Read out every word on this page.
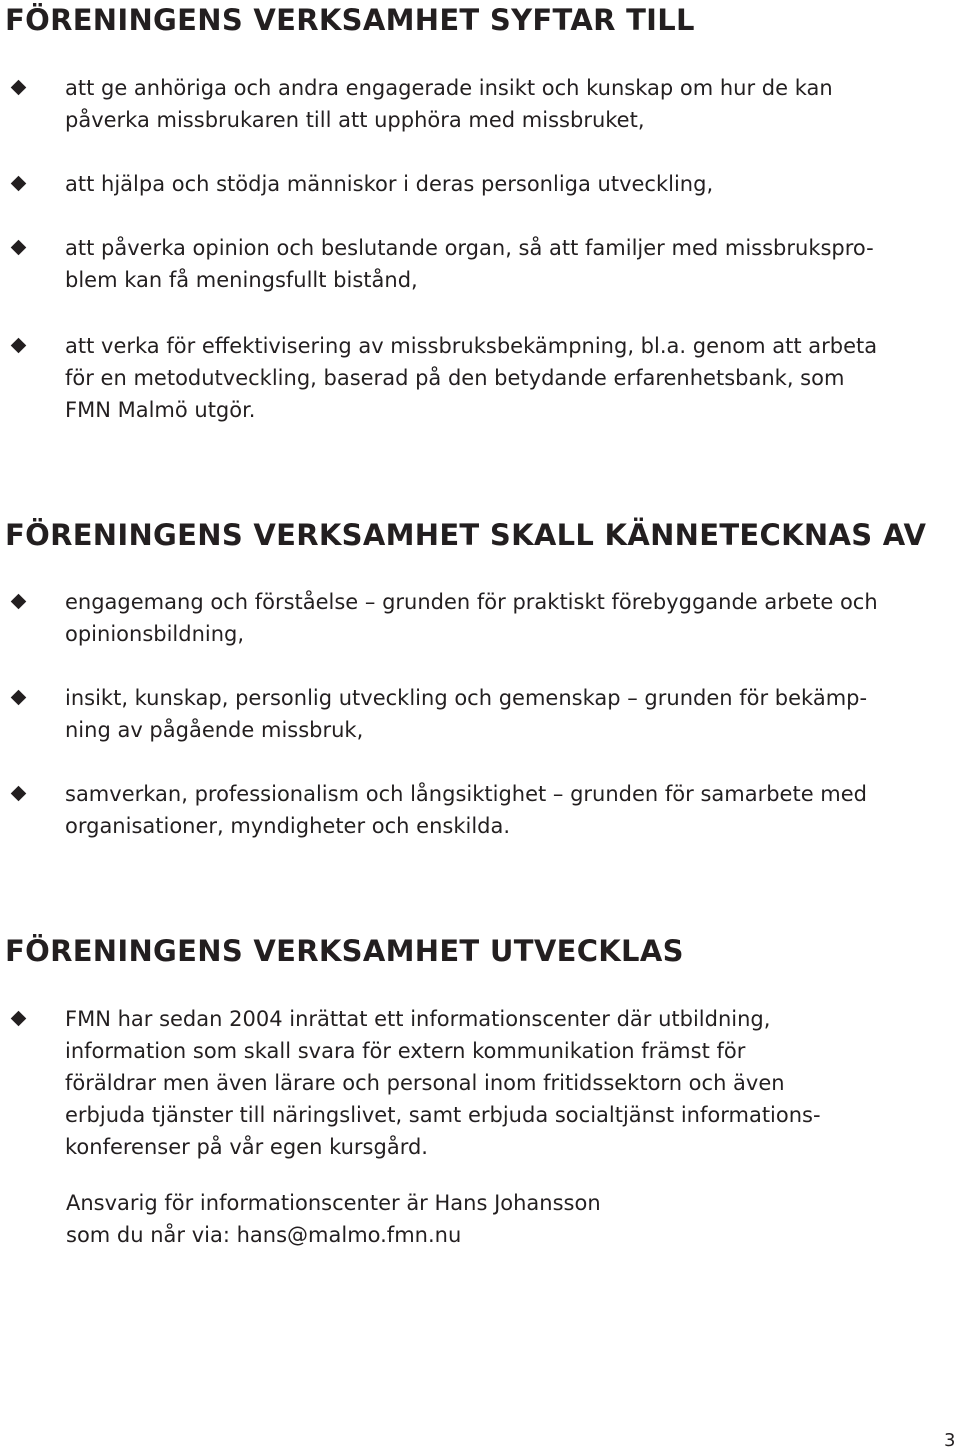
FÖRENINGENS VERKSAMHET SYFTAR TILL
att ge anhöriga och andra engagerade insikt och kunskap om hur de kan
påverka missbrukaren till att upphöra med missbruket,
att hjälpa och stödja människor i deras personliga utveckling,
att påverka opinion och beslutande organ, så att familjer med missbrukspro-
blem kan få meningsfullt bistånd,
att verka för effektivisering av missbruksbekämpning, bl.a. genom att arbeta
för en metodutveckling, baserad på den betydande erfarenhetsbank, som
FMN Malmö utgör.
FÖRENINGENS VERKSAMHET SKALL KÄNNETECKNAS AV
engagemang och förståelse – grunden för praktiskt förebyggande arbete och
opinionsbildning,
insikt, kunskap, personlig utveckling och gemenskap – grunden för bekämp-
ning av pågående missbruk,
samverkan, professionalism och långsiktighet – grunden för samarbete med
organisationer, myndigheter och enskilda.
FÖRENINGENS VERKSAMHET UTVECKLAS
FMN har sedan 2004 inrättat ett informationscenter där utbildning,
information som skall svara för extern kommunikation främst för
föräldrar men även lärare och personal inom fritidssektorn och även
erbjuda tjänster till näringslivet, samt erbjuda socialtjänst informations-
konferenser på vår egen kursgård.
Ansvarig för informationscenter är Hans Johansson
som du når via: hans@malmo.fmn.nu
3
